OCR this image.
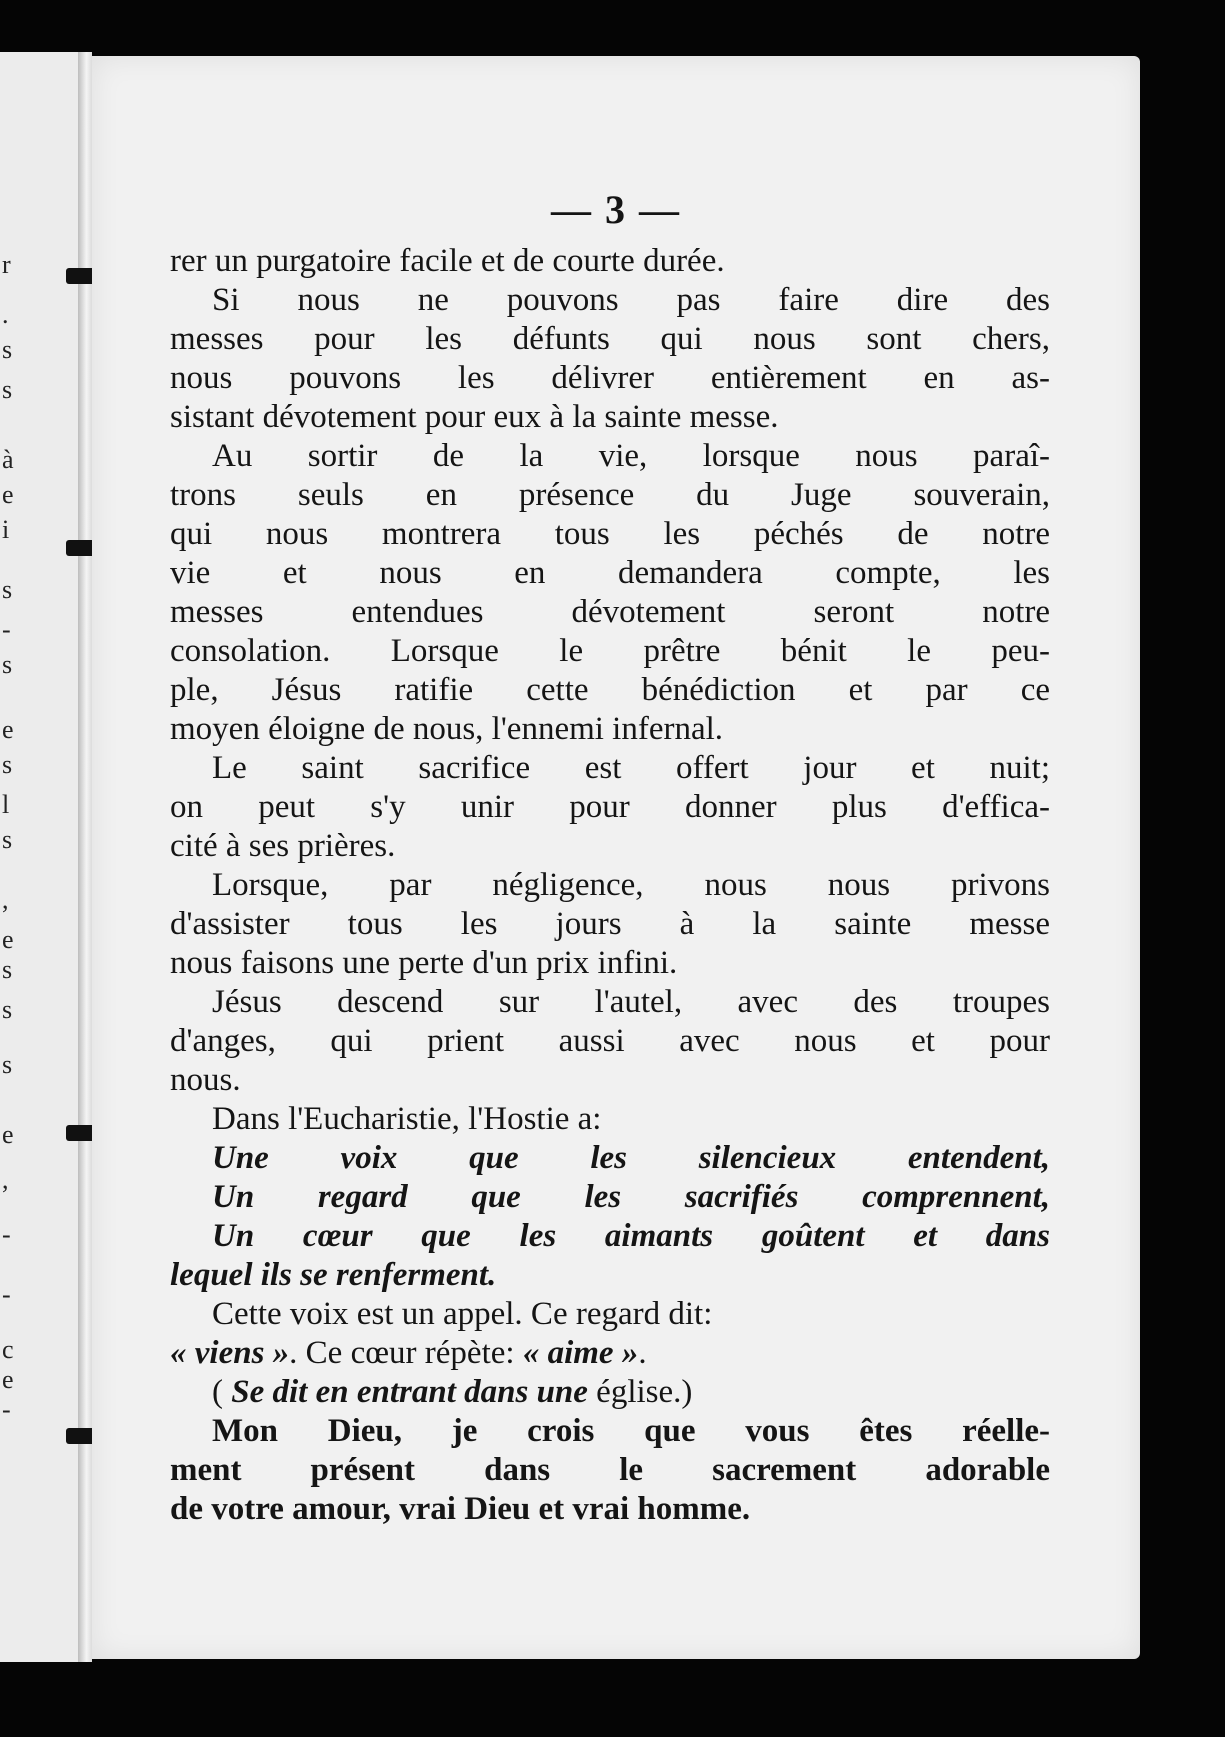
r
.
s
s
à
e
i
s
-
s
e
s
l
s
,
e
s
s
s
e
,
-
-
c
e
-
— 3 —
rer un purgatoire facile et de courte durée.
Si nous ne pouvons pas faire dire des
messes pour les défunts qui nous sont chers,
nous pouvons les délivrer entièrement en as-
sistant dévotement pour eux à la sainte messe.
Au sortir de la vie, lorsque nous paraî-
trons seuls en présence du Juge souverain,
qui nous montrera tous les péchés de notre
vie et nous en demandera compte, les
messes entendues dévotement seront notre
consolation. Lorsque le prêtre bénit le peu-
ple, Jésus ratifie cette bénédiction et par ce
moyen éloigne de nous, l'ennemi infernal.
Le saint sacrifice est offert jour et nuit;
on peut s'y unir pour donner plus d'effica-
cité à ses prières.
Lorsque, par négligence, nous nous privons
d'assister tous les jours à la sainte messe
nous faisons une perte d'un prix infini.
Jésus descend sur l'autel, avec des troupes
d'anges, qui prient aussi avec nous et pour
nous.
Dans l'Eucharistie, l'Hostie a:
Une voix que les silencieux entendent,
Un regard que les sacrifiés comprennent,
Un cœur que les aimants goûtent et dans
lequel ils se renferment.
Cette voix est un appel. Ce regard dit:
« viens ». Ce cœur répète: « aime ».
( Se dit en entrant dans une église.)
Mon Dieu, je crois que vous êtes réelle-
ment présent dans le sacrement adorable
de votre amour, vrai Dieu et vrai homme.
